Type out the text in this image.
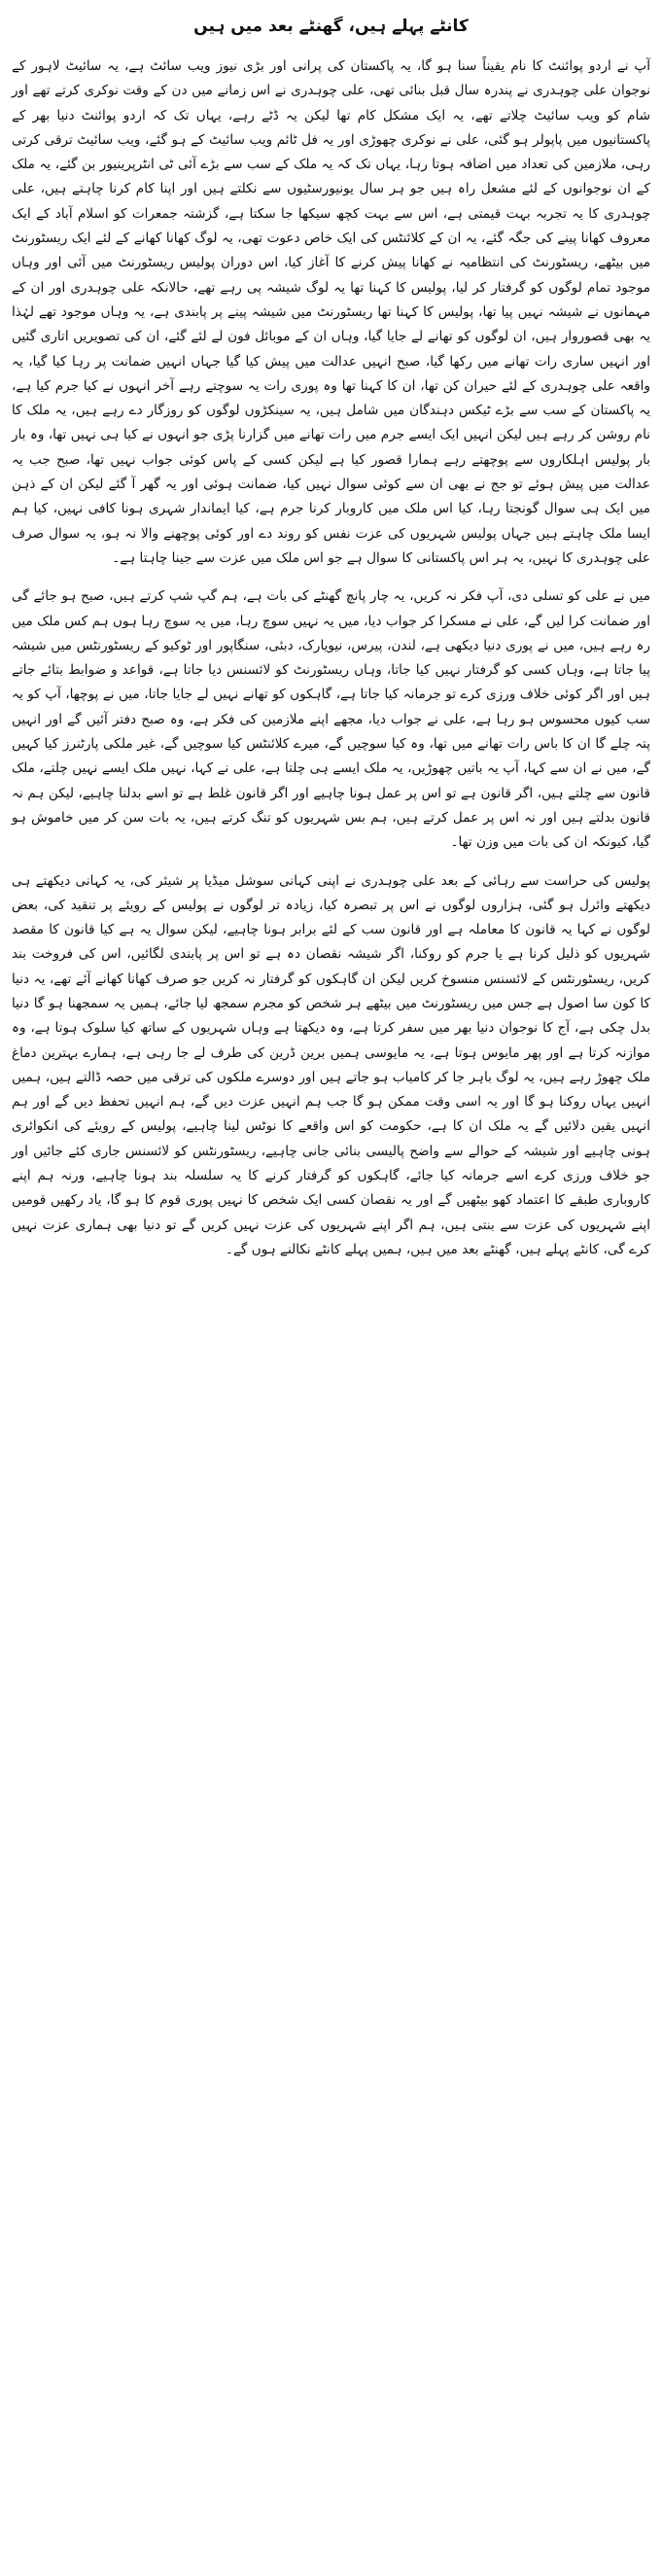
کانٹے پہلے ہیں، گھنٹے بعد میں ہیں

آپ نے اردو پوائنٹ کا نام یقیناً سنا ہو گا، یہ پاکستان کی پرانی اور بڑی نیوز ویب سائٹ ہے، یہ سائیٹ لاہور کے نوجوان علی چوہدری نے پندرہ سال قبل بنائی تھی، علی چوہدری نے اس زمانے میں دن کے وقت نوکری کرتے تھے اور شام کو ویب سائیٹ چلاتے تھے، یہ ایک مشکل کام تھا لیکن یہ ڈٹے رہے، یہاں تک کہ اردو پوائنٹ دنیا بھر کے پاکستانیوں میں پاپولر ہو گئی، علی نے نوکری چھوڑی اور یہ فل ٹائم ویب سائیٹ کے ہو گئے، ویب سائیٹ ترقی کرتی رہی، ملازمین کی تعداد میں اضافہ ہوتا رہا، یہاں تک کہ یہ ملک کے سب سے بڑے آئی ٹی انٹرپرینیور بن گئے، یہ ملک کے ان نوجوانوں کے لئے مشعل راہ ہیں جو ہر سال یونیورسٹیوں سے نکلتے ہیں اور اپنا کام کرنا چاہتے ہیں، علی چوہدری کا یہ تجربہ بہت قیمتی ہے، اس سے بہت کچھ سیکھا جا سکتا ہے، گزشتہ جمعرات کو اسلام آباد کے ایک معروف کھانا پینے کی جگہ گئے، یہ ان کے کلائنٹس کی ایک خاص دعوت تھی، یہ لوگ کھانا کھانے کے لئے ایک ریسٹورنٹ میں بیٹھے، ریسٹورنٹ کی انتظامیہ نے کھانا پیش کرنے کا آغاز کیا، اس دوران پولیس ریسٹورنٹ میں آئی اور وہاں موجود تمام لوگوں کو گرفتار کر لیا، پولیس کا کہنا تھا یہ لوگ شیشہ پی رہے تھے، حالانکہ علی چوہدری اور ان کے مہمانوں نے شیشہ نہیں پیا تھا، پولیس کا کہنا تھا ریسٹورنٹ میں شیشہ پینے پر پابندی ہے، یہ وہاں موجود تھے لہٰذا یہ بھی قصوروار ہیں، ان لوگوں کو تھانے لے جایا گیا، وہاں ان کے موبائل فون لے لئے گئے، ان کی تصویریں اتاری گئیں اور انہیں ساری رات تھانے میں رکھا گیا، صبح انہیں عدالت میں پیش کیا گیا جہاں انہیں ضمانت پر رہا کیا گیا، یہ واقعہ علی چوہدری کے لئے حیران کن تھا، ان کا کہنا تھا وہ پوری رات یہ سوچتے رہے آخر انہوں نے کیا جرم کیا ہے، یہ پاکستان کے سب سے بڑے ٹیکس دہندگان میں شامل ہیں، یہ سینکڑوں لوگوں کو روزگار دے رہے ہیں، یہ ملک کا نام روشن کر رہے ہیں لیکن انہیں ایک ایسے جرم میں رات تھانے میں گزارنا پڑی جو انہوں نے کیا ہی نہیں تھا، وہ بار بار پولیس اہلکاروں سے پوچھتے رہے ہمارا قصور کیا ہے لیکن کسی کے پاس کوئی جواب نہیں تھا، صبح جب یہ عدالت میں پیش ہوئے تو جج نے بھی ان سے کوئی سوال نہیں کیا، ضمانت ہوئی اور یہ گھر آ گئے لیکن ان کے ذہن میں ایک ہی سوال گونجتا رہا، کیا اس ملک میں کاروبار کرنا جرم ہے، کیا ایماندار شہری ہونا کافی نہیں، کیا ہم ایسا ملک چاہتے ہیں جہاں پولیس شہریوں کی عزت نفس کو روند دے اور کوئی پوچھنے والا نہ ہو، یہ سوال صرف علی چوہدری کا نہیں، یہ ہر اس پاکستانی کا سوال ہے جو اس ملک میں عزت سے جینا چاہتا ہے۔

میں نے علی کو تسلی دی، آپ فکر نہ کریں، یہ چار پانچ گھنٹے کی بات ہے، ہم گپ شپ کرتے ہیں، صبح ہو جائے گی اور ضمانت کرا لیں گے، علی نے مسکرا کر جواب دیا، میں یہ نہیں سوچ رہا، میں یہ سوچ رہا ہوں ہم کس ملک میں رہ رہے ہیں، میں نے پوری دنیا دیکھی ہے، لندن، پیرس، نیویارک، دبئی، سنگاپور اور ٹوکیو کے ریسٹورنٹس میں شیشہ پیا جاتا ہے، وہاں کسی کو گرفتار نہیں کیا جاتا، وہاں ریسٹورنٹ کو لائسنس دیا جاتا ہے، قواعد و ضوابط بتائے جاتے ہیں اور اگر کوئی خلاف ورزی کرے تو جرمانہ کیا جاتا ہے، گاہکوں کو تھانے نہیں لے جایا جاتا، میں نے پوچھا، آپ کو یہ سب کیوں محسوس ہو رہا ہے، علی نے جواب دیا، مجھے اپنے ملازمین کی فکر ہے، وہ صبح دفتر آئیں گے اور انہیں پتہ چلے گا ان کا باس رات تھانے میں تھا، وہ کیا سوچیں گے، میرے کلائنٹس کیا سوچیں گے، غیر ملکی پارٹنرز کیا کہیں گے، میں نے ان سے کہا، آپ یہ باتیں چھوڑیں، یہ ملک ایسے ہی چلتا ہے، علی نے کہا، نہیں ملک ایسے نہیں چلتے، ملک قانون سے چلتے ہیں، اگر قانون ہے تو اس پر عمل ہونا چاہیے اور اگر قانون غلط ہے تو اسے بدلنا چاہیے، لیکن ہم نہ قانون بدلتے ہیں اور نہ اس پر عمل کرتے ہیں، ہم بس شہریوں کو تنگ کرتے ہیں، یہ بات سن کر میں خاموش ہو گیا، کیونکہ ان کی بات میں وزن تھا۔

پولیس کی حراست سے رہائی کے بعد علی چوہدری نے اپنی کہانی سوشل میڈیا پر شیئر کی، یہ کہانی دیکھتے ہی دیکھتے وائرل ہو گئی، ہزاروں لوگوں نے اس پر تبصرہ کیا، زیادہ تر لوگوں نے پولیس کے رویئے پر تنقید کی، بعض لوگوں نے کہا یہ قانون کا معاملہ ہے اور قانون سب کے لئے برابر ہونا چاہیے، لیکن سوال یہ ہے کیا قانون کا مقصد شہریوں کو ذلیل کرنا ہے یا جرم کو روکنا، اگر شیشہ نقصان دہ ہے تو اس پر پابندی لگائیں، اس کی فروخت بند کریں، ریسٹورنٹس کے لائسنس منسوخ کریں لیکن ان گاہکوں کو گرفتار نہ کریں جو صرف کھانا کھانے آئے تھے، یہ دنیا کا کون سا اصول ہے جس میں ریسٹورنٹ میں بیٹھے ہر شخص کو مجرم سمجھ لیا جائے، ہمیں یہ سمجھنا ہو گا دنیا بدل چکی ہے، آج کا نوجوان دنیا بھر میں سفر کرتا ہے، وہ دیکھتا ہے وہاں شہریوں کے ساتھ کیا سلوک ہوتا ہے، وہ موازنہ کرتا ہے اور پھر مایوس ہوتا ہے، یہ مایوسی ہمیں برین ڈرین کی طرف لے جا رہی ہے، ہمارے بہترین دماغ ملک چھوڑ رہے ہیں، یہ لوگ باہر جا کر کامیاب ہو جاتے ہیں اور دوسرے ملکوں کی ترقی میں حصہ ڈالتے ہیں، ہمیں انہیں یہاں روکنا ہو گا اور یہ اسی وقت ممکن ہو گا جب ہم انہیں عزت دیں گے، ہم انہیں تحفظ دیں گے اور ہم انہیں یقین دلائیں گے یہ ملک ان کا ہے، حکومت کو اس واقعے کا نوٹس لینا چاہیے، پولیس کے رویئے کی انکوائری ہونی چاہیے اور شیشہ کے حوالے سے واضح پالیسی بنائی جانی چاہیے، ریسٹورنٹس کو لائسنس جاری کئے جائیں اور جو خلاف ورزی کرے اسے جرمانہ کیا جائے، گاہکوں کو گرفتار کرنے کا یہ سلسلہ بند ہونا چاہیے، ورنہ ہم اپنے کاروباری طبقے کا اعتماد کھو بیٹھیں گے اور یہ نقصان کسی ایک شخص کا نہیں پوری قوم کا ہو گا، یاد رکھیں قومیں اپنے شہریوں کی عزت سے بنتی ہیں، ہم اگر اپنے شہریوں کی عزت نہیں کریں گے تو دنیا بھی ہماری عزت نہیں کرے گی، کانٹے پہلے ہیں، گھنٹے بعد میں ہیں، ہمیں پہلے کانٹے نکالنے ہوں گے۔
